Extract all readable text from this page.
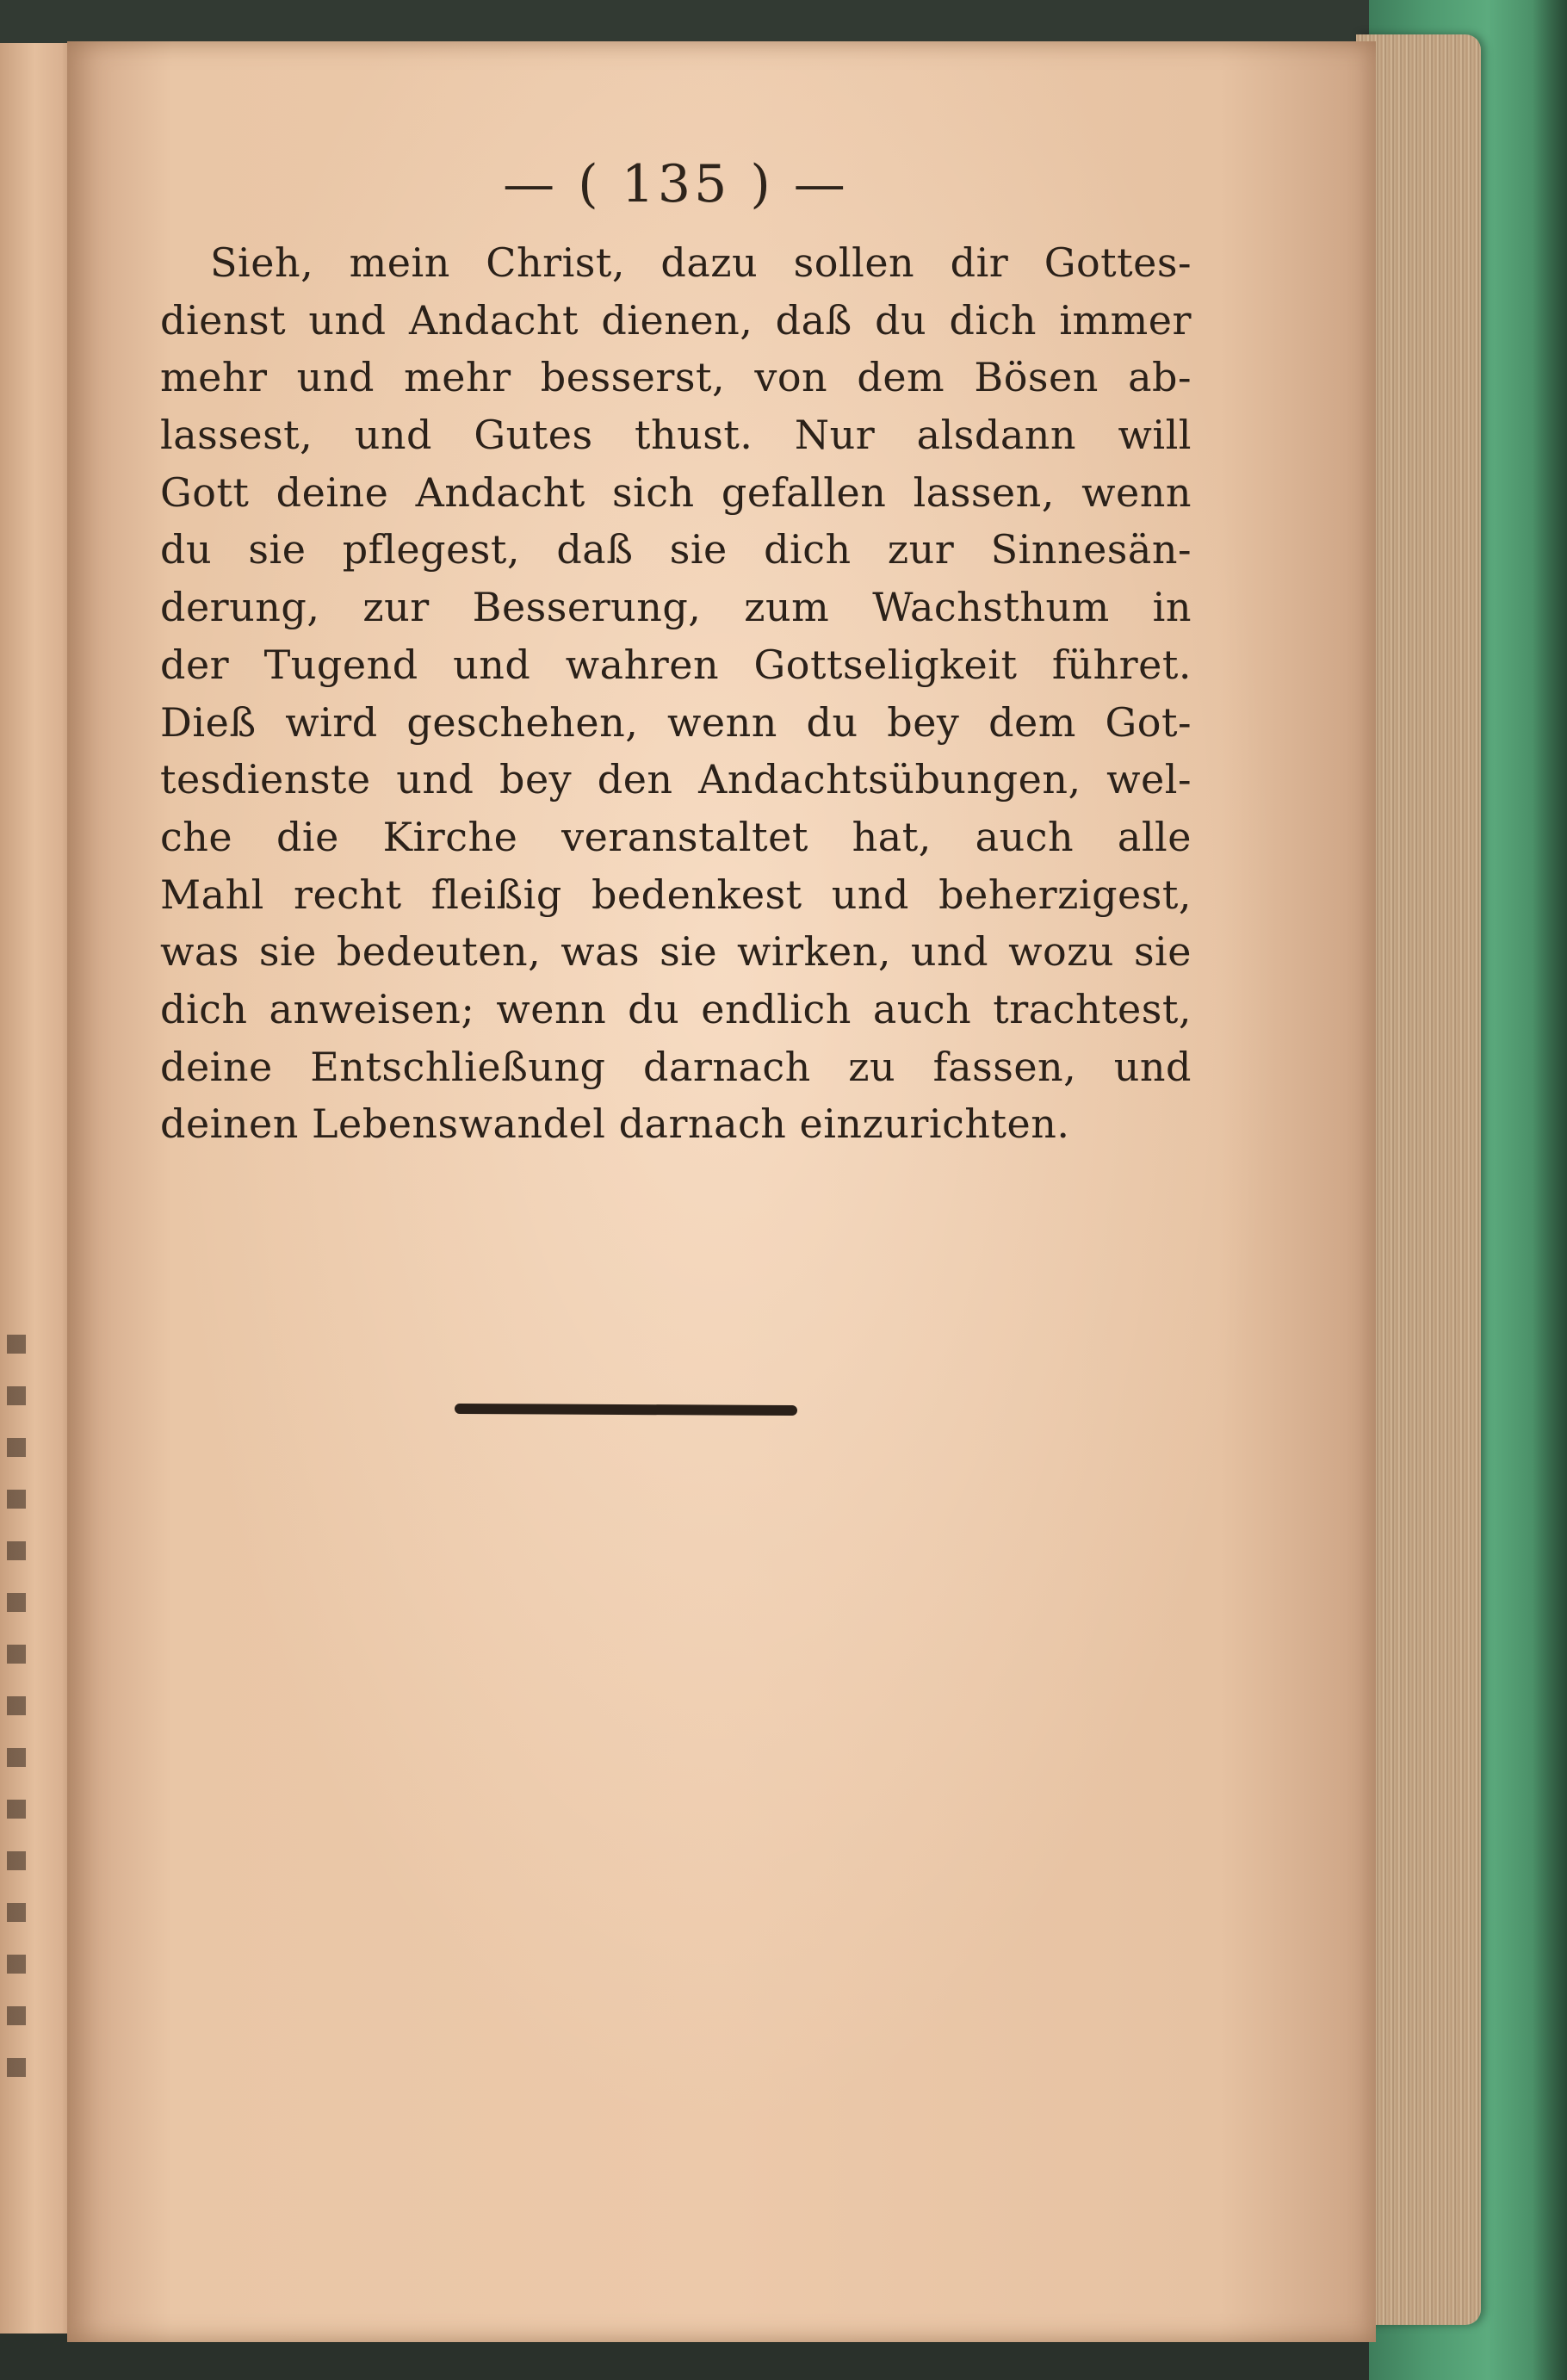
— ( 135 ) —
Sieh, mein Christ, dazu sollen dir Gottes-
dienst und Andacht dienen, daß du dich immer
mehr und mehr besserst, von dem Bösen ab-
lassest, und Gutes thust. Nur alsdann will
Gott deine Andacht sich gefallen lassen, wenn
du sie pflegest, daß sie dich zur Sinnesän-
derung, zur Besserung, zum Wachsthum in
der Tugend und wahren Gottseligkeit führet.
Dieß wird geschehen, wenn du bey dem Got-
tesdienste und bey den Andachtsübungen, wel-
che die Kirche veranstaltet hat, auch alle
Mahl recht fleißig bedenkest und beherzigest,
was sie bedeuten, was sie wirken, und wozu sie
dich anweisen; wenn du endlich auch trachtest,
deine Entschließung darnach zu fassen, und
deinen Lebenswandel darnach einzurichten.
